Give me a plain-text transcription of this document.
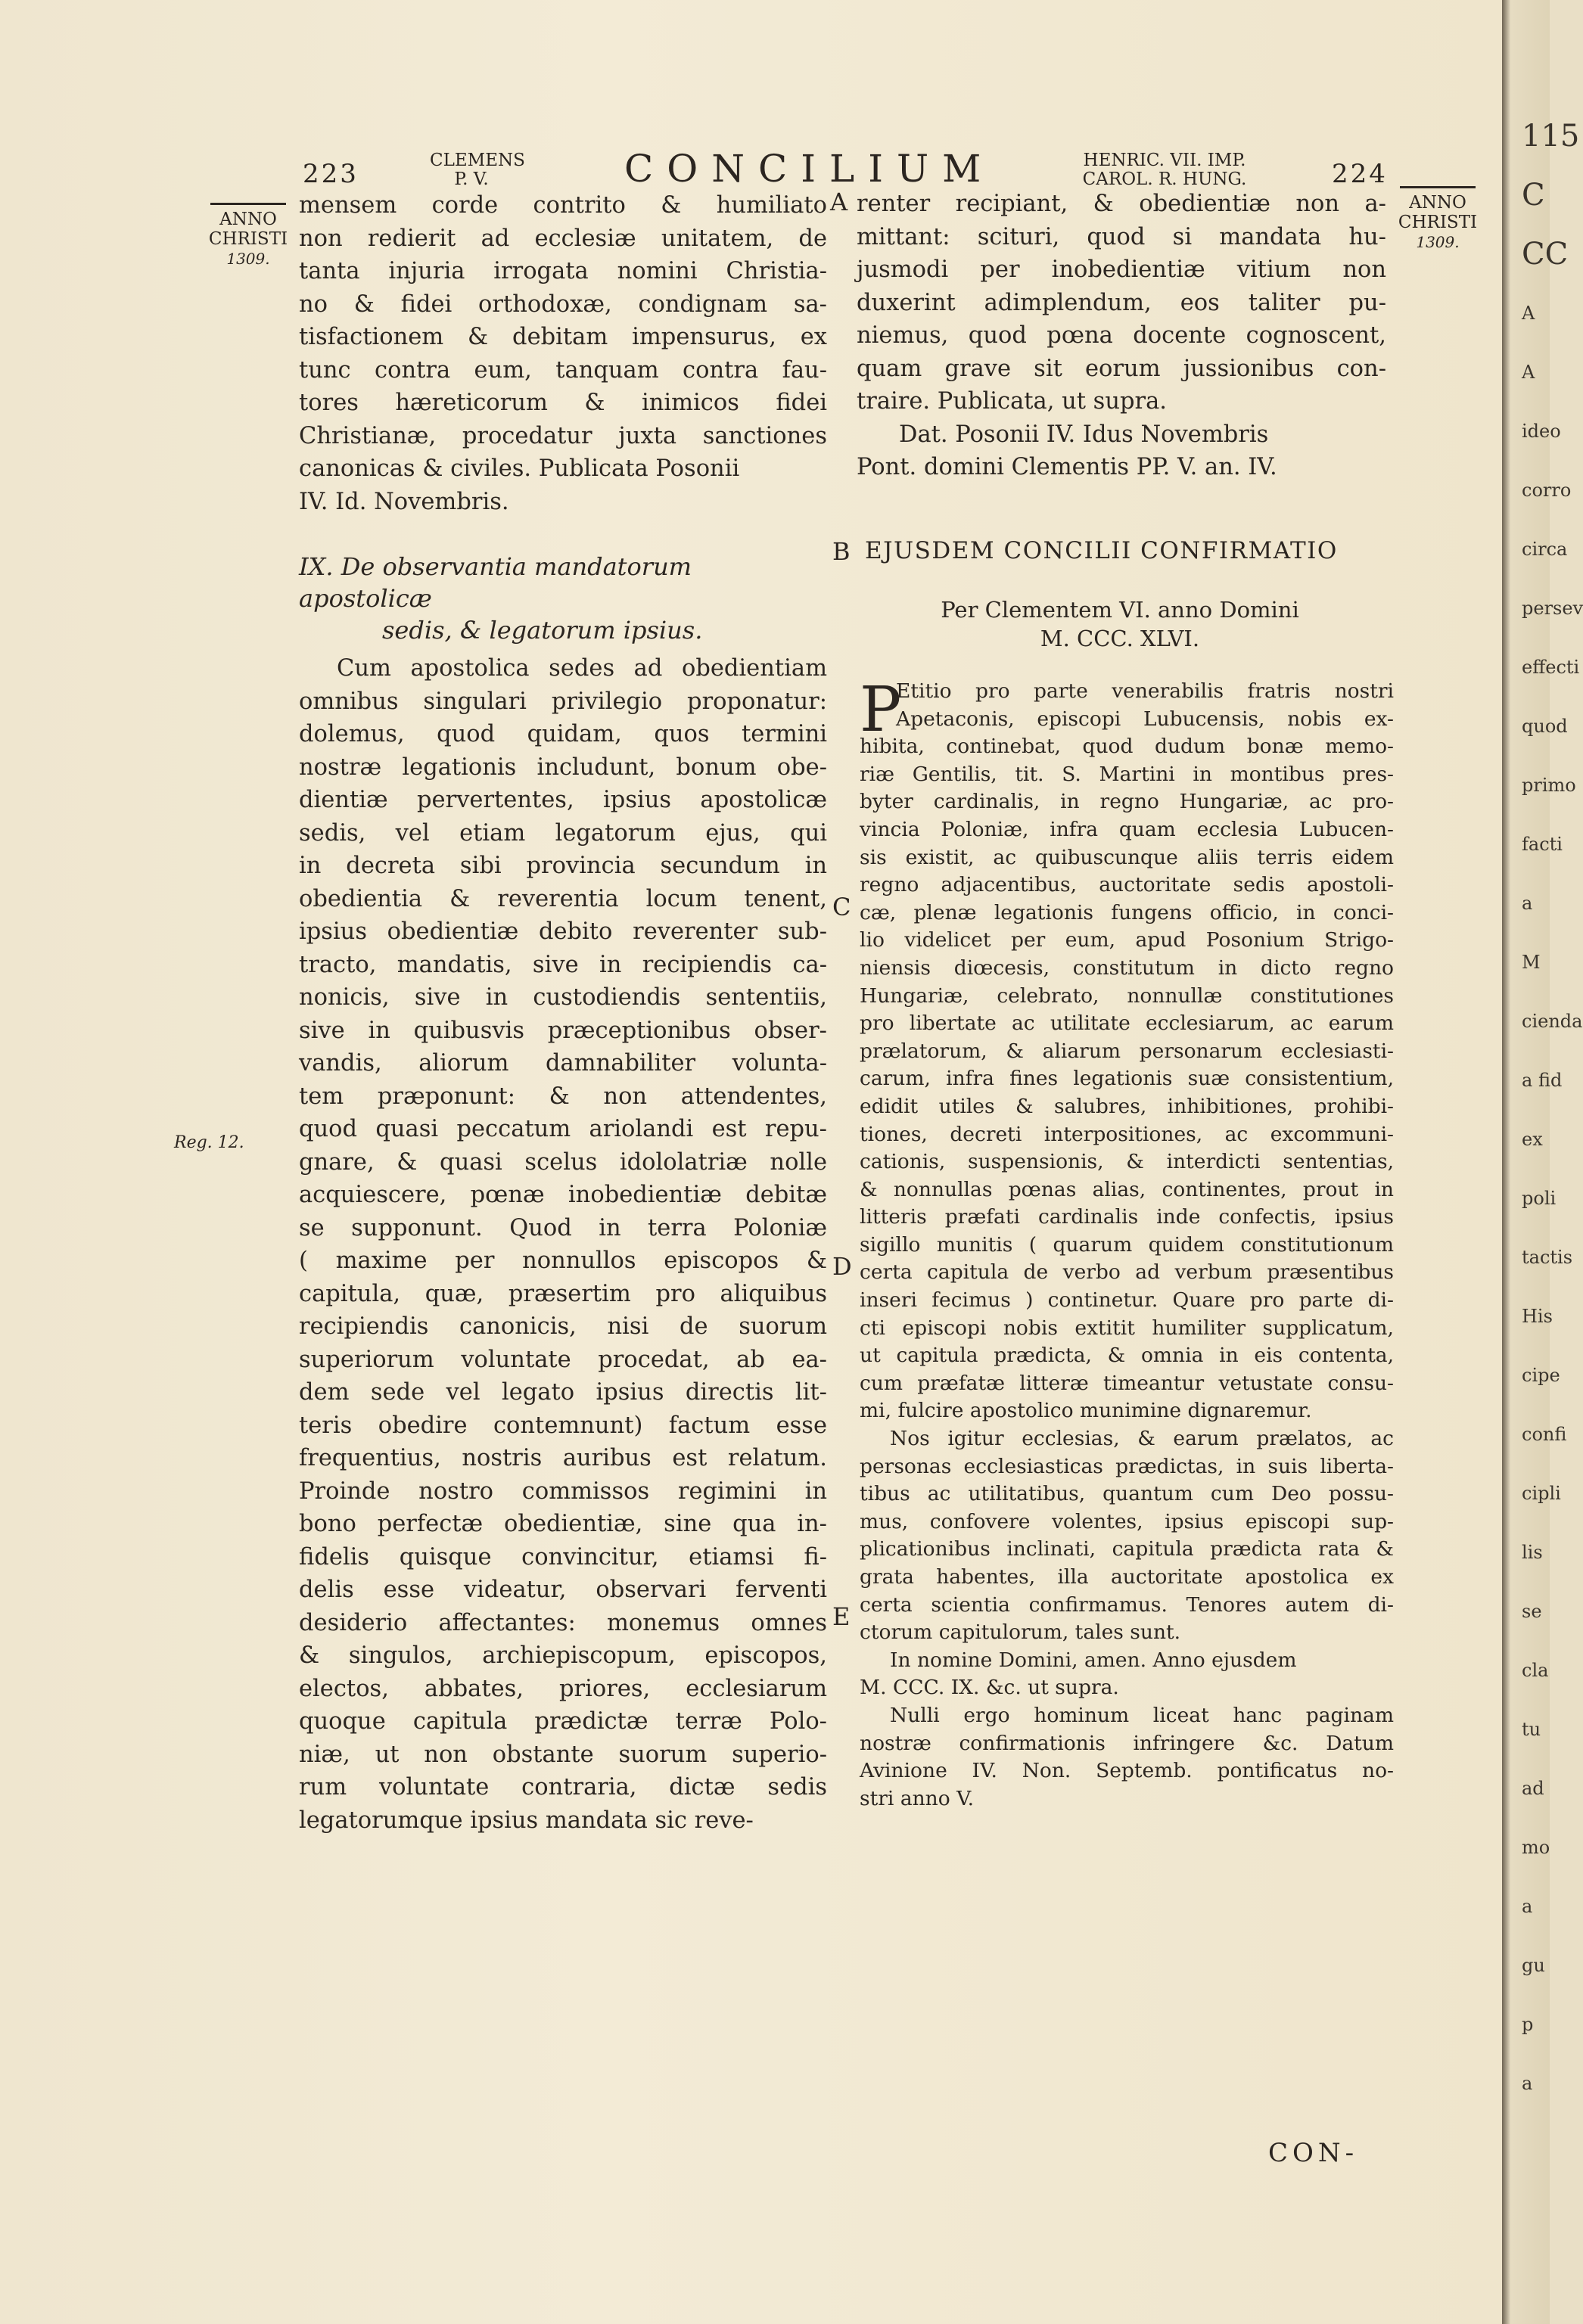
223	CLEMENS
P. V.	CONCILIUM	HENRIC. VII. IMP.
CAROL. R. HUNG.	224
ANNO CHRISTI
1309.
ANNO CHRISTI
1309.
Reg. 12.
A
B
C
D
E
mensem corde contrito & humiliato
non redierit ad ecclesiæ unitatem, de
tanta injuria irrogata nomini Christia-
no & fidei orthodoxæ, condignam sa-
tisfactionem & debitam impensurus, ex
tunc contra eum, tanquam contra fau-
tores hæreticorum & inimicos fidei
Christianæ, procedatur juxta sanctiones
canonicas & civiles. Publicata Posonii
IV. Id. Novembris.
IX. De observantia mandatorum apostolicæ
sedis, & legatorum ipsius.
Cum apostolica sedes ad obedientiam
omnibus singulari privilegio proponatur:
dolemus, quod quidam, quos termini
nostræ legationis includunt, bonum obe-
dientiæ pervertentes, ipsius apostolicæ
sedis, vel etiam legatorum ejus, qui
in decreta sibi provincia secundum in
obedientia & reverentia locum tenent,
ipsius obedientiæ debito reverenter sub-
tracto, mandatis, sive in recipiendis ca-
nonicis, sive in custodiendis sententiis,
sive in quibusvis præceptionibus obser-
vandis, aliorum damnabiliter volunta-
tem præponunt: & non attendentes,
quod quasi peccatum ariolandi est repu-
gnare, & quasi scelus idololatriæ nolle
acquiescere, pœnæ inobedientiæ debitæ
se supponunt. Quod in terra Poloniæ
( maxime per nonnullos episcopos &
capitula, quæ, præsertim pro aliquibus
recipiendis canonicis, nisi de suorum
superiorum voluntate procedat, ab ea-
dem sede vel legato ipsius directis lit-
teris obedire contemnunt) factum esse
frequentius, nostris auribus est relatum.
Proinde nostro commissos regimini in
bono perfectæ obedientiæ, sine qua in-
fidelis quisque convincitur, etiamsi fi-
delis esse videatur, observari ferventi
desiderio affectantes: monemus omnes
& singulos, archiepiscopum, episcopos,
electos, abbates, priores, ecclesiarum
quoque capitula prædictæ terræ Polo-
niæ, ut non obstante suorum superio-
rum voluntate contraria, dictæ sedis
legatorumque ipsius mandata sic reve-
renter recipiant, & obedientiæ non a-
mittant: scituri, quod si mandata hu-
jusmodi per inobedientiæ vitium non
duxerint adimplendum, eos taliter pu-
niemus, quod pœna docente cognoscent,
quam grave sit eorum jussionibus con-
traire. Publicata, ut supra.
Dat. Posonii IV. Idus Novembris
Pont. domini Clementis PP. V. an. IV.
EJUSDEM CONCILII CONFIRMATIO
Per Clementem VI. anno Domini
M. CCC. XLVI.
P
Etitio pro parte venerabilis fratris nostri
Apetaconis, episcopi Lubucensis, nobis ex-
hibita, continebat, quod dudum bonæ memo-
riæ Gentilis, tit. S. Martini in montibus pres-
byter cardinalis, in regno Hungariæ, ac pro-
vincia Poloniæ, infra quam ecclesia Lubucen-
sis existit, ac quibuscunque aliis terris eidem
regno adjacentibus, auctoritate sedis apostoli-
cæ, plenæ legationis fungens officio, in conci-
lio videlicet per eum, apud Posonium Strigo-
niensis diœcesis, constitutum in dicto regno
Hungariæ, celebrato, nonnullæ constitutiones
pro libertate ac utilitate ecclesiarum, ac earum
prælatorum, & aliarum personarum ecclesiasti-
carum, infra fines legationis suæ consistentium,
edidit utiles & salubres, inhibitiones, prohibi-
tiones, decreti interpositiones, ac excommuni-
cationis, suspensionis, & interdicti sententias,
& nonnullas pœnas alias, continentes, prout in
litteris præfati cardinalis inde confectis, ipsius
sigillo munitis ( quarum quidem constitutionum
certa capitula de verbo ad verbum præsentibus
inseri fecimus ) continetur. Quare pro parte di-
cti episcopi nobis extitit humiliter supplicatum,
ut capitula prædicta, & omnia in eis contenta,
cum præfatæ litteræ timeantur vetustate consu-
mi, fulcire apostolico munimine dignaremur.
Nos igitur ecclesias, & earum prælatos, ac
personas ecclesiasticas prædictas, in suis liberta-
tibus ac utilitatibus, quantum cum Deo possu-
mus, confovere volentes, ipsius episcopi sup-
plicationibus inclinati, capitula prædicta rata &
grata habentes, illa auctoritate apostolica ex
certa scientia confirmamus. Tenores autem di-
ctorum capitulorum, tales sunt.
In nomine Domini, amen. Anno ejusdem
M. CCC. IX. &c. ut supra.
Nulli ergo hominum liceat hanc paginam
nostræ confirmationis infringere &c. Datum
Avinione IV. Non. Septemb. pontificatus no-
stri anno V.
CON-
115
C
CC
A
A
ideo
corro
circa
persev
effecti
quod
primo
facti
a
M
cienda
a fid
ex
poli
tactis
His
cipe
confi
cipli
lis
se
cla
tu
ad
mo
a
gu
p
a
